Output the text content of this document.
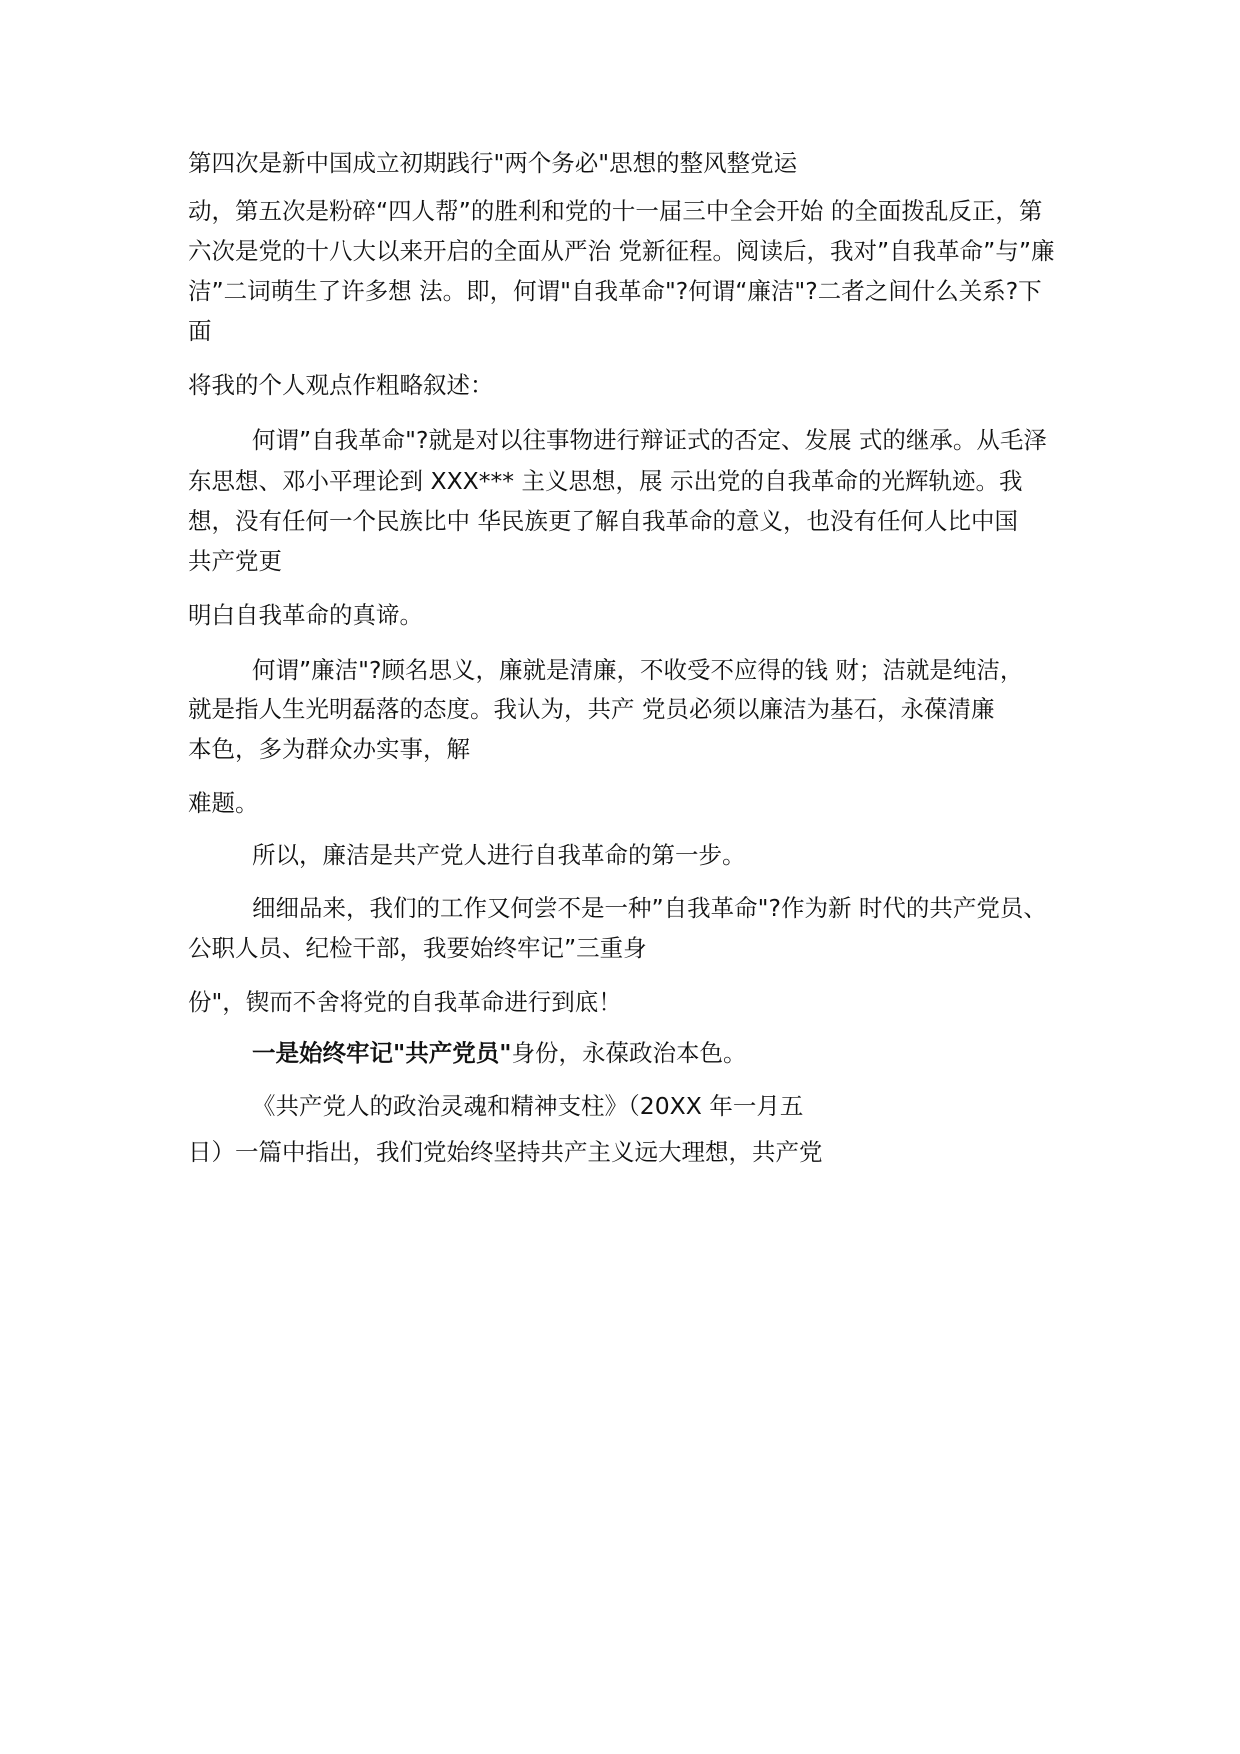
第四次是新中国成立初期践行"两个务必"思想的整风整党运
动，第五次是粉碎“四人帮”的胜利和党的十一届三中全会开始 的全面拨乱反正，第
六次是党的十八大以来开启的全面从严治 党新征程。阅读后，我对”自我革命”与”廉
洁”二词萌生了许多想 法。即，何谓"自我革命"?何谓“廉洁"?二者之间什么关系?下
面
将我的个人观点作粗略叙述：
何谓”自我革命"?就是对以往事物进行辩证式的否定、发展 式的继承。从毛泽
东思想、邓小平理论到 XXX*** 主义思想，展 示出党的自我革命的光辉轨迹。我
想，没有任何一个民族比中 华民族更了解自我革命的意义，也没有任何人比中国
共产党更
明白自我革命的真谛。
何谓”廉洁"?顾名思义，廉就是清廉，不收受不应得的钱 财；洁就是纯洁，
就是指人生光明磊落的态度。我认为，共产 党员必须以廉洁为基石，永葆清廉
本色，多为群众办实事，解
难题。
所以，廉洁是共产党人进行自我革命的第一步。
细细品来，我们的工作又何尝不是一种”自我革命"?作为新 时代的共产党员、
公职人员、纪检干部，我要始终牢记”三重身
份"，锲而不舍将党的自我革命进行到底！
一是始终牢记"共产党员"身份，永葆政治本色。
《共产党人的政治灵魂和精神支柱》（20XX 年一月五
日）一篇中指出，我们党始终坚持共产主义远大理想，共产党
